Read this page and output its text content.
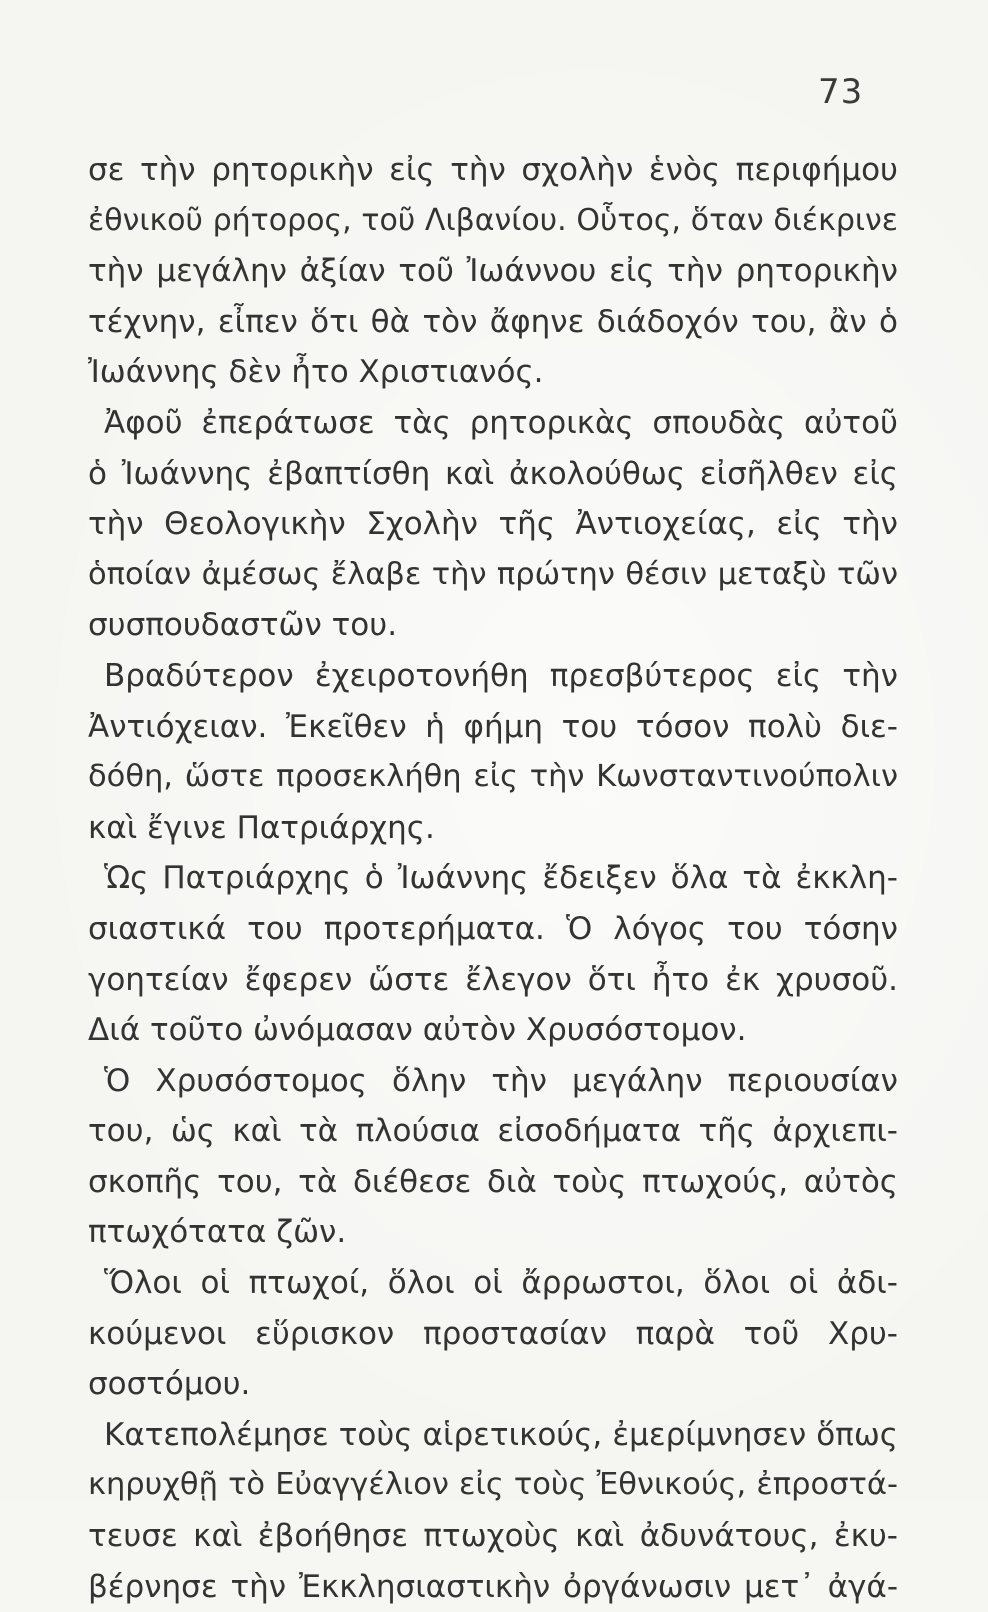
73
σε τὴν ρητορικὴν εἰς τὴν σχολὴν ἑνὸς περιφήμου
ἐθνικοῦ ρήτορος, τοῦ Λιβανίου. Οὗτος, ὅταν διέκρινε
τὴν μεγάλην ἀξίαν τοῦ Ἰωάννου εἰς τὴν ρητορικὴν
τέχνην, εἶπεν ὅτι θὰ τὸν ἄφηνε διάδοχόν του, ἂν ὁ
Ἰωάννης δὲν ἦτο Χριστιανός.
Ἀφοῦ ἐπεράτωσε τὰς ρητορικὰς σπουδὰς αὐτοῦ
ὁ Ἰωάννης ἐβαπτίσθη καὶ ἀκολούθως εἰσῆλθεν εἰς
τὴν Θεολογικὴν Σχολὴν τῆς Ἀντιοχείας, εἰς τὴν
ὁποίαν ἀμέσως ἔλαβε τὴν πρώτην θέσιν μεταξὺ τῶν
συσπουδαστῶν του.
Βραδύτερον ἐχειροτονήθη πρεσβύτερος εἰς τὴν
Ἀντιόχειαν. Ἐκεῖθεν ἡ φήμη του τόσον πολὺ διε-
δόθη, ὥστε προσεκλήθη εἰς τὴν Κωνσταντινούπολιν
καὶ ἔγινε Πατριάρχης.
Ὡς Πατριάρχης ὁ Ἰωάννης ἔδειξεν ὅλα τὰ ἐκκλη-
σιαστικά του προτερήματα. Ὁ λόγος του τόσην
γοητείαν ἔφερεν ὥστε ἔλεγον ὅτι ἦτο ἐκ χρυσοῦ.
Διά τοῦτο ὠνόμασαν αὐτὸν Χρυσόστομον.
Ὁ Χρυσόστομος ὅλην τὴν μεγάλην περιουσίαν
του, ὡς καὶ τὰ πλούσια εἰσοδήματα τῆς ἀρχιεπι-
σκοπῆς του, τὰ διέθεσε διὰ τοὺς πτωχούς, αὐτὸς
πτωχότατα ζῶν.
Ὅλοι οἱ πτωχοί, ὅλοι οἱ ἄρρωστοι, ὅλοι οἱ ἀδι-
κούμενοι εὕρισκον προστασίαν παρὰ τοῦ Χρυ-
σοστόμου.
Κατεπολέμησε τοὺς αἱρετικούς, ἐμερίμνησεν ὅπως
κηρυχθῇ τὸ Εὐαγγέλιον εἰς τοὺς Ἐθνικούς, ἐπροστά-
τευσε καὶ ἐβοήθησε πτωχοὺς καὶ ἀδυνάτους, ἐκυ-
βέρνησε τὴν Ἐκκλησιαστικὴν ὀργάνωσιν μετ᾽ ἀγά-
